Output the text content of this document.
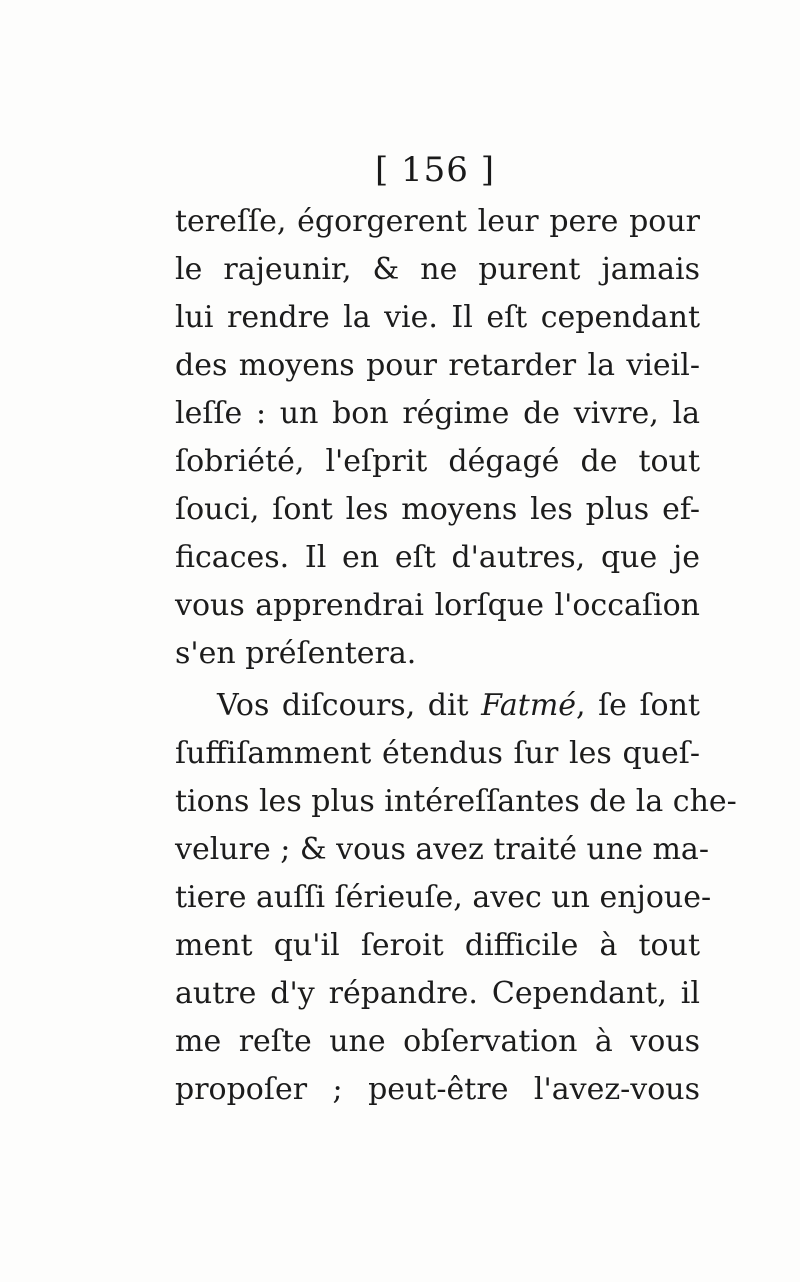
[ 156 ]
tereſſe, égorgerent leur pere pour
le rajeunir, & ne purent jamais
lui rendre la vie. Il eſt cependant
des moyens pour retarder la vieil-
leſſe : un bon régime de vivre, la
ſobriété, l'eſprit dégagé de tout
ſouci, ſont les moyens les plus ef-
ficaces. Il en eſt d'autres, que je
vous apprendrai lorſque l'occaſion
s'en préſentera.
Vos diſcours, dit Fatmé, ſe ſont
ſuffiſamment étendus ſur les queſ-
tions les plus intéreſſantes de la che-
velure ; & vous avez traité une ma-
tiere auſſi ſérieuſe, avec un enjoue-
ment qu'il ſeroit difficile à tout
autre d'y répandre. Cependant, il
me reſte une obſervation à vous
propoſer ; peut-être l'avez-vous
